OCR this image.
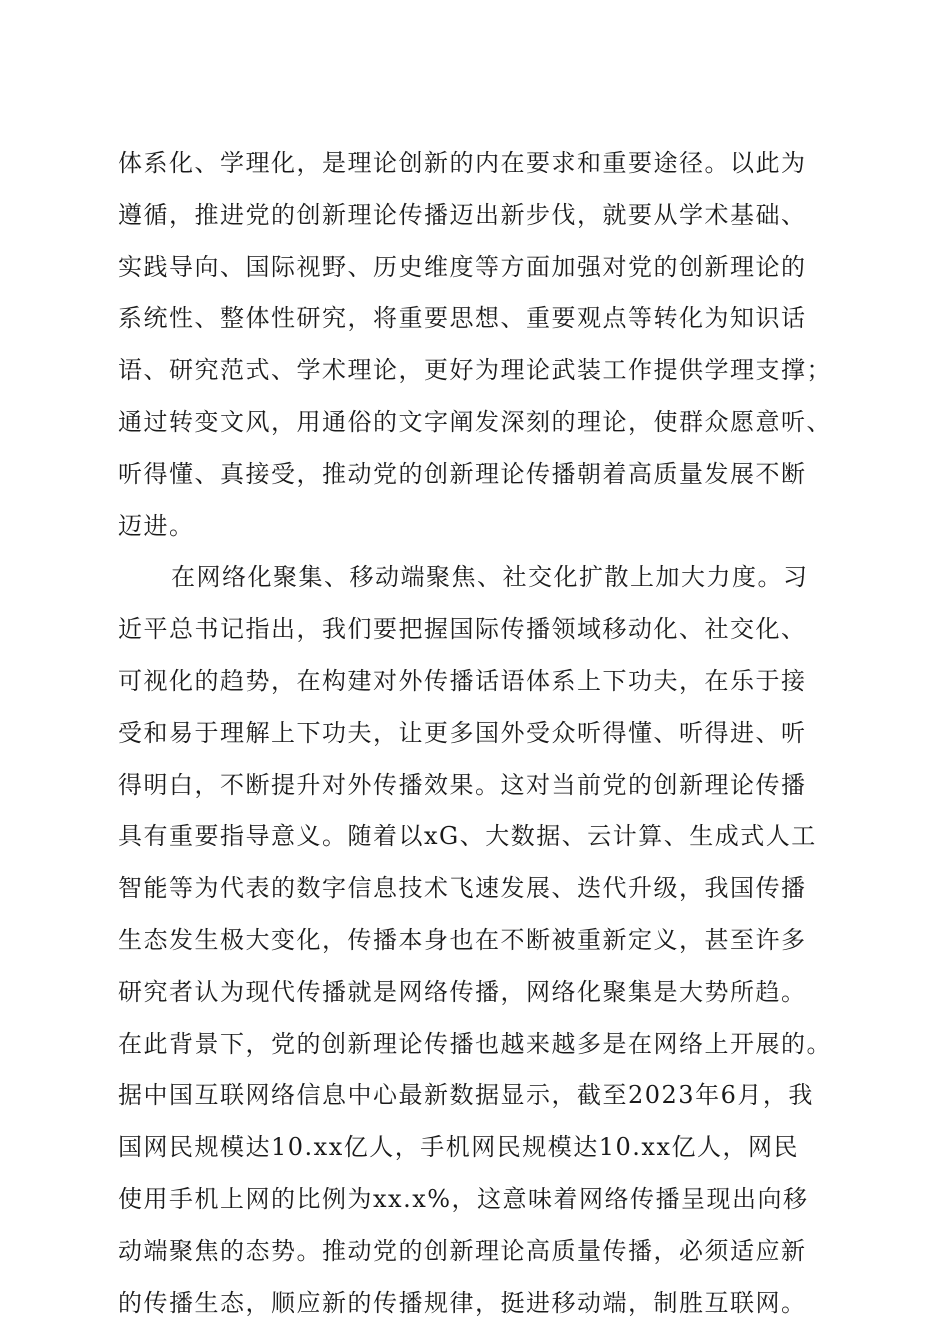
体系化、学理化，是理论创新的内在要求和重要途径。以此为
遵循，推进党的创新理论传播迈出新步伐，就要从学术基础、
实践导向、国际视野、历史维度等方面加强对党的创新理论的
系统性、整体性研究，将重要思想、重要观点等转化为知识话
语、研究范式、学术理论，更好为理论武装工作提供学理支撑；
通过转变文风，用通俗的文字阐发深刻的理论，使群众愿意听、
听得懂、真接受，推动党的创新理论传播朝着高质量发展不断
迈进。
在网络化聚集、移动端聚焦、社交化扩散上加大力度。习
近平总书记指出，我们要把握国际传播领域移动化、社交化、
可视化的趋势，在构建对外传播话语体系上下功夫，在乐于接
受和易于理解上下功夫，让更多国外受众听得懂、听得进、听
得明白，不断提升对外传播效果。这对当前党的创新理论传播
具有重要指导意义。随着以xG、大数据、云计算、生成式人工
智能等为代表的数字信息技术飞速发展、迭代升级，我国传播
生态发生极大变化，传播本身也在不断被重新定义，甚至许多
研究者认为现代传播就是网络传播，网络化聚集是大势所趋。
在此背景下，党的创新理论传播也越来越多是在网络上开展的。
据中国互联网络信息中心最新数据显示，截至2023年6月，我
国网民规模达10.xx亿人，手机网民规模达10.xx亿人，网民
使用手机上网的比例为xx.x%，这意味着网络传播呈现出向移
动端聚焦的态势。推动党的创新理论高质量传播，必须适应新
的传播生态，顺应新的传播规律，挺进移动端，制胜互联网。
